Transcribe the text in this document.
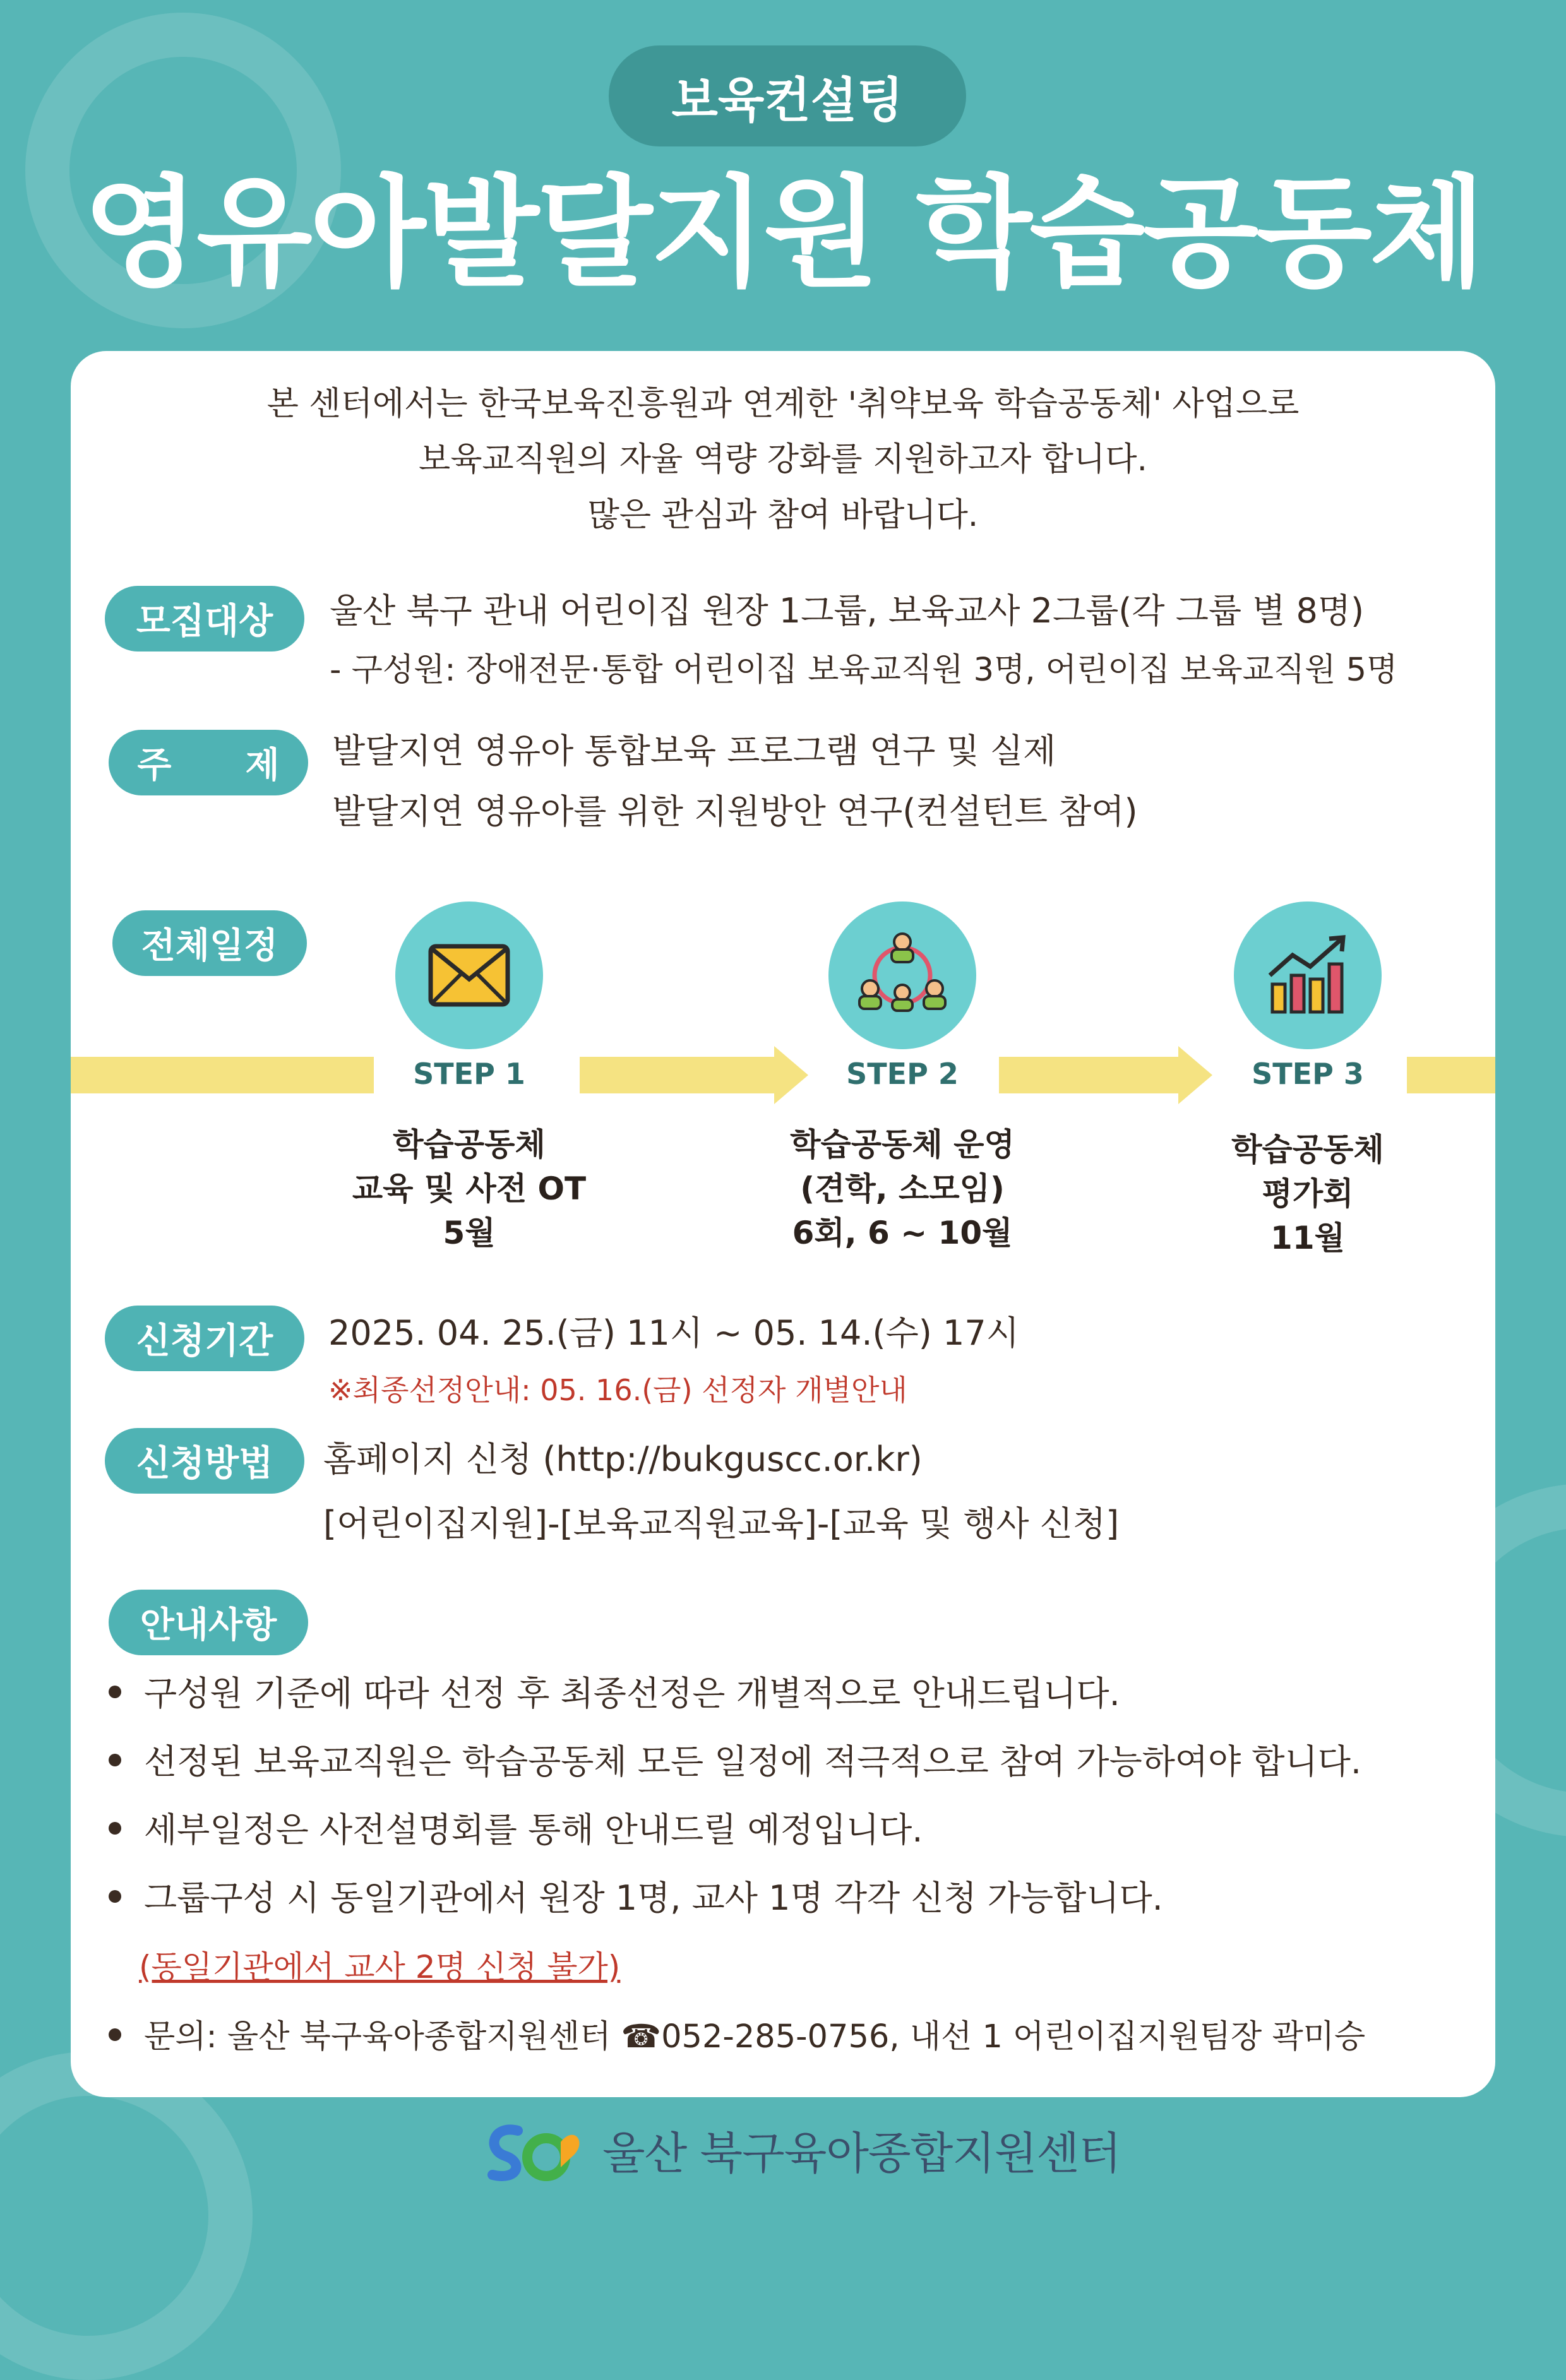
보육컨설팅
영유아발달지원 학습공동체
본 센터에서는 한국보육진흥원과 연계한 '취약보육 학습공동체' 사업으로
보육교직원의 자율 역량 강화를 지원하고자 합니다.
많은 관심과 참여 바랍니다.
모집대상	울산 북구 관내 어린이집 원장 1그룹, 보육교사 2그룹(각 그룹 별 8명)
- 구성원: 장애전문·통합 어린이집 보육교직원 3명, 어린이집 보육교직원 5명
주      제	발달지연 영유아 통합보육 프로그램 연구 및 실제
발달지연 영유아를 위한 지원방안 연구(컨설턴트 참여)
전체일정
STEP 1
학습공동체
교육 및 사전 OT
5월
STEP 2
학습공동체 운영
(견학, 소모임)
6회, 6 ~ 10월
STEP 3
학습공동체
평가회
11월
신청기간	2025. 04. 25.(금) 11시 ~ 05. 14.(수) 17시
※최종선정안내: 05. 16.(금) 선정자 개별안내
신청방법	홈페이지 신청 (http://bukguscc.or.kr)
[어린이집지원]-[보육교직원교육]-[교육 및 행사 신청]
안내사항
구성원 기준에 따라 선정 후 최종선정은 개별적으로 안내드립니다.
선정된 보육교직원은 학습공동체 모든 일정에 적극적으로 참여 가능하여야 합니다.
세부일정은 사전설명회를 통해 안내드릴 예정입니다.
그룹구성 시 동일기관에서 원장 1명, 교사 1명 각각 신청 가능합니다.
(동일기관에서 교사 2명 신청 불가)
문의: 울산 북구육아종합지원센터 ☎052-285-0756, 내선 1 어린이집지원팀장 곽미승
울산 북구육아종합지원센터
